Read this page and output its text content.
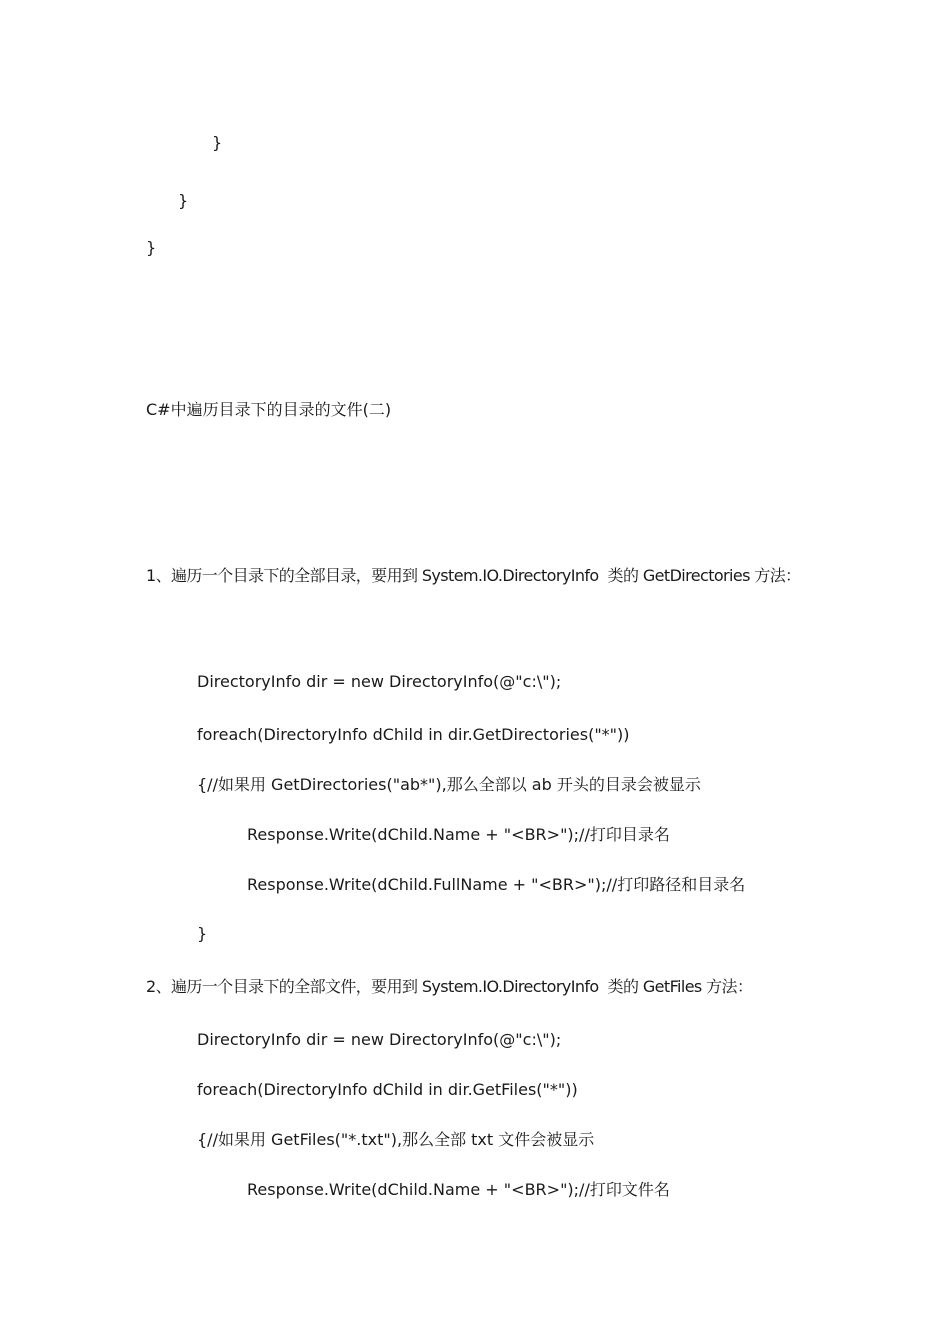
}
}
}
C#中遍历目录下的目录的文件(二)
1、遍历一个目录下的全部目录，要用到 System.IO.DirectoryInfo  类的 GetDirectories 方法：
DirectoryInfo dir = new DirectoryInfo(@"c:\");
foreach(DirectoryInfo dChild in dir.GetDirectories("*"))
{//如果用 GetDirectories("ab*"),那么全部以 ab 开头的目录会被显示
Response.Write(dChild.Name + "<BR>");//打印目录名
Response.Write(dChild.FullName + "<BR>");//打印路径和目录名
}
2、遍历一个目录下的全部文件，要用到 System.IO.DirectoryInfo  类的 GetFiles 方法：
DirectoryInfo dir = new DirectoryInfo(@"c:\");
foreach(DirectoryInfo dChild in dir.GetFiles("*"))
{//如果用 GetFiles("*.txt"),那么全部 txt 文件会被显示
Response.Write(dChild.Name + "<BR>");//打印文件名
